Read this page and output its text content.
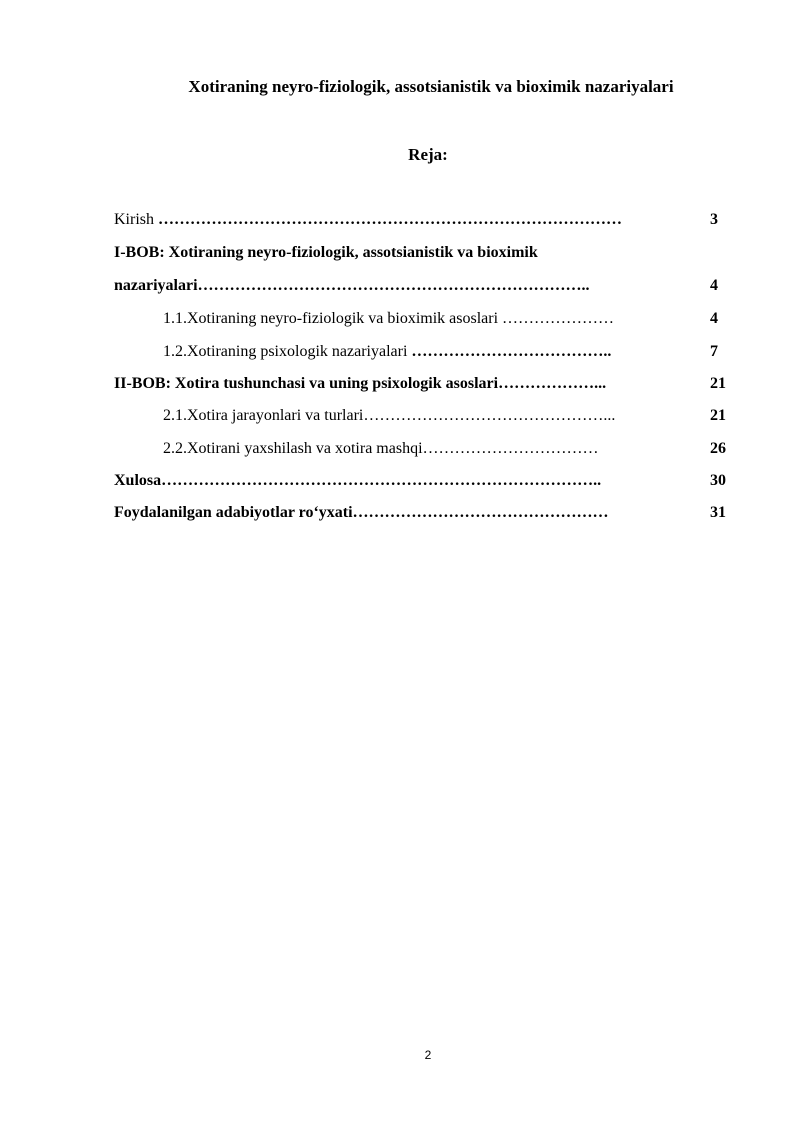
Xotiraning neyro-fiziologik, assotsianistik va bioximik nazariyalari
Reja:
Kirish ……………………………………………………………………………	3
I-BOB: Xotiraning neyro-fiziologik, assotsianistik va bioximik
nazariyalari………………………………………………………………..	4
1.1.Xotiraning neyro-fiziologik va bioximik asoslari …………………	4
1.2.Xotiraning psixologik nazariyalari ………………………………..	7
II-BOB: Xotira tushunchasi va uning psixologik asoslari………………...	21
2.1.Xotira jarayonlari va turlari………………………………………...	21
2.2.Xotirani yaxshilash va xotira mashqi……………………………	26
Xulosa………………………………………………………………………..	30
Foydalanilgan adabiyotlar ro‘yxati…………………………………………	31
2
